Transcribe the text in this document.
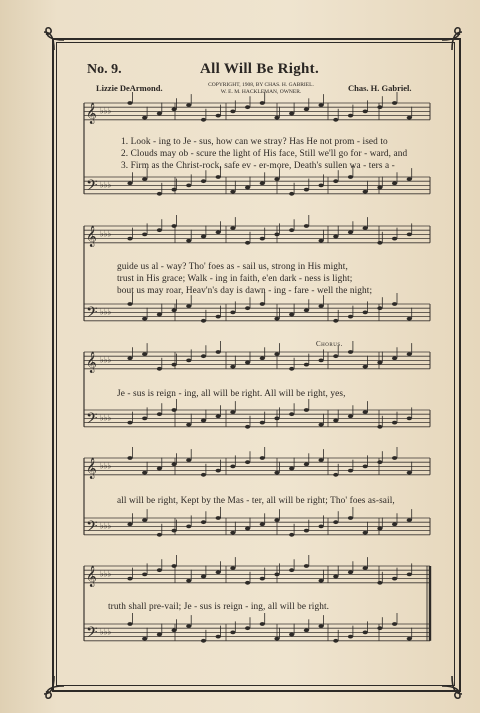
No. 9.	All Will Be Right.
Lizzie DeArmond.	COPYRIGHT, 1908, BY CHAS. H. GABRIEL.
W. E. M. HACKLEMAN, OWNER.	Chas. H. Gabriel.
𝄞 ♭♭♭
𝄢 ♭♭♭
𝄞 ♭♭♭
𝄢 ♭♭♭
𝄞 ♭♭♭
𝄢 ♭♭♭
𝄞 ♭♭♭
𝄢 ♭♭♭
𝄞 ♭♭♭
𝄢 ♭♭♭
1. Look - ing to Je - sus, how can we stray? Has He not prom - ised to
2. Clouds may ob - scure the light of His face, Still we'll go for - ward, and
3. Firm as the Christ-rock, safe ev - er-more, Death's sullen wa - ters a -
guide us al - way? Tho' foes as - sail us, strong in His might,
trust in His grace; Walk - ing in faith, e'en dark - ness is light;
bout us may roar, Heav'n's day is dawn - ing - fare - well the night;
Chorus.
Je - sus is reign - ing, all will be right. All will be right, yes,
all will be right, Kept by the Mas - ter, all will be right; Tho' foes as-sail,
truth shall pre-vail; Je - sus is reign - ing, all will be right.
